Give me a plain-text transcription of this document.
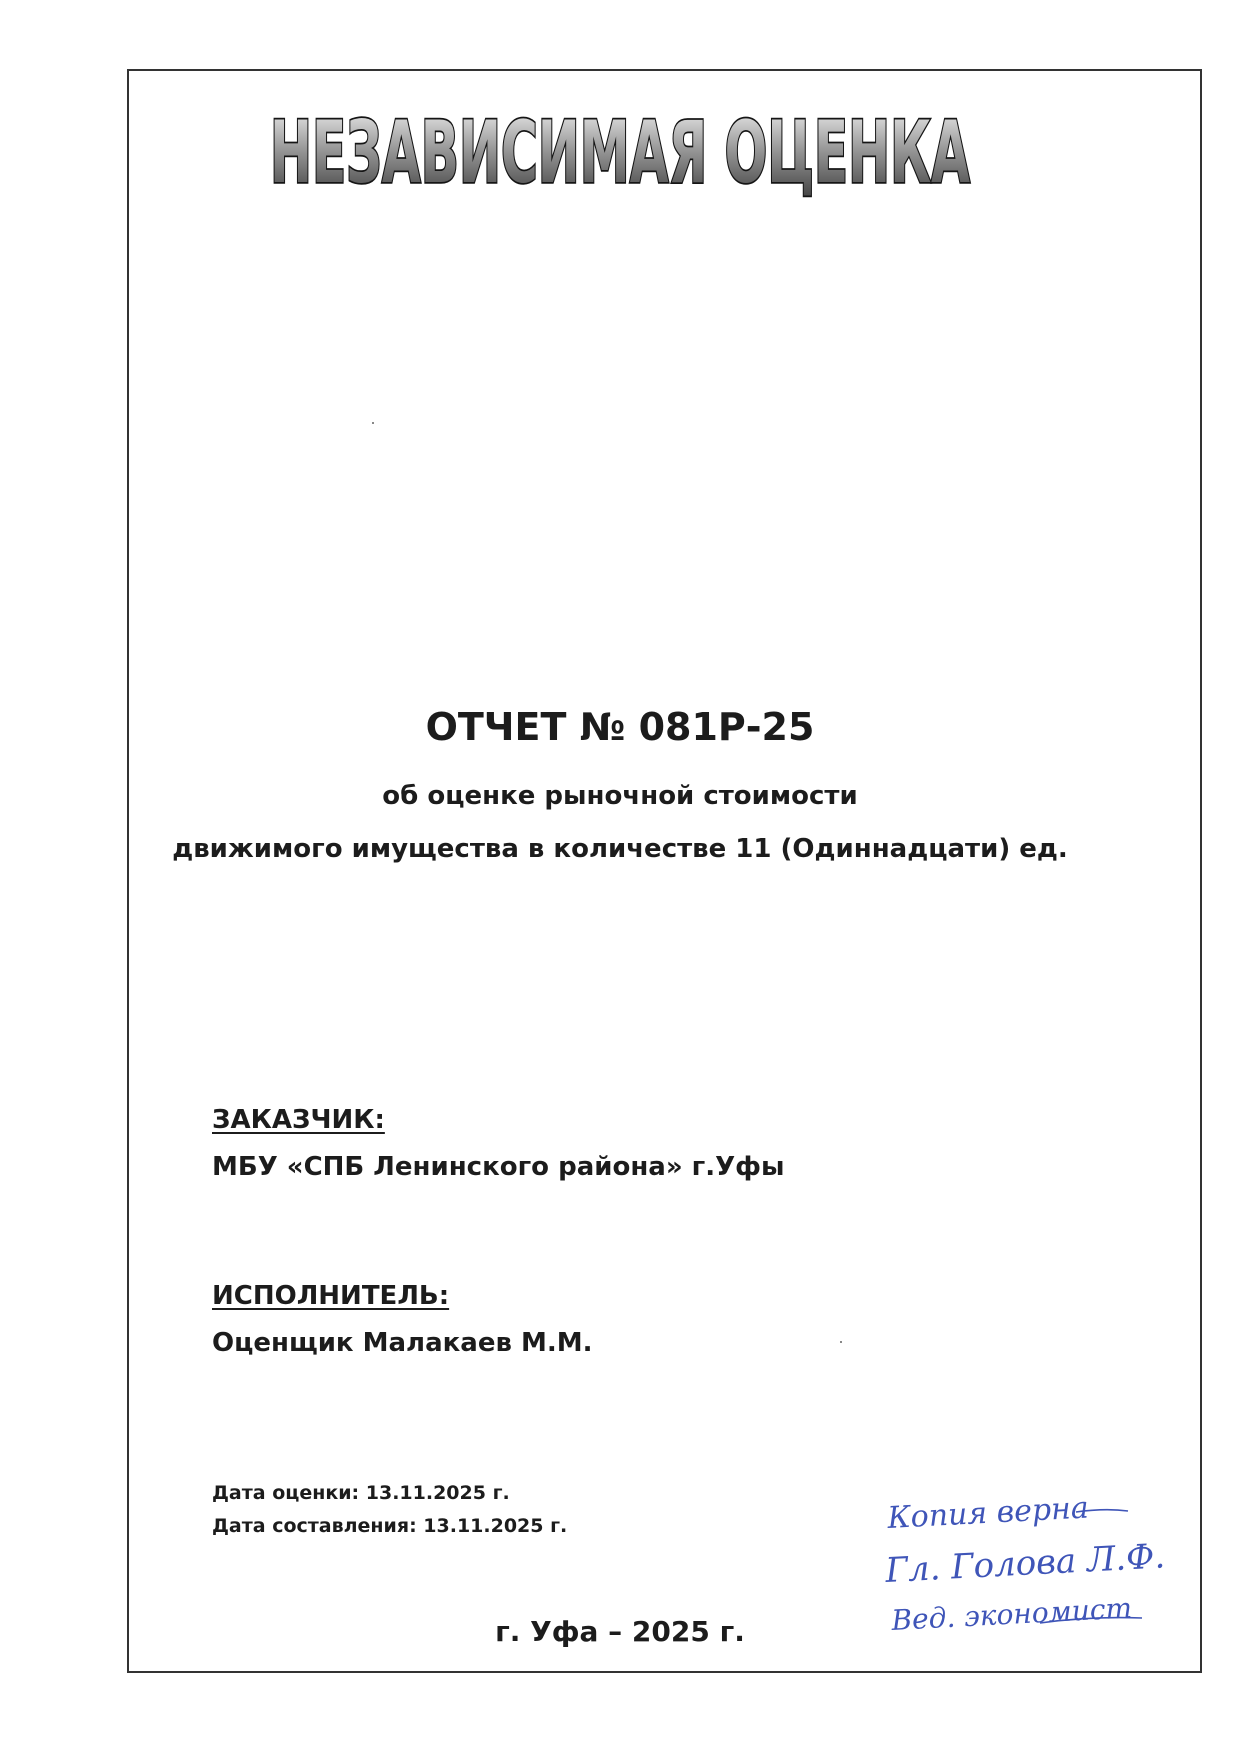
НЕЗАВИСИМАЯ ОЦЕНКА
ОТЧЕТ № 081Р-25
об оценке рыночной стоимости
движимого имущества в количестве 11 (Одиннадцати) ед.
ЗАКАЗЧИК:
МБУ «СПБ Ленинского района» г.Уфы
ИСПОЛНИТЕЛЬ:
Оценщик Малакаев М.М.
Дата оценки: 13.11.2025 г.
Дата составления: 13.11.2025 г.
г. Уфа – 2025 г.
Копия верна
Гл. Голова Л.Ф.
Вед. экономист
